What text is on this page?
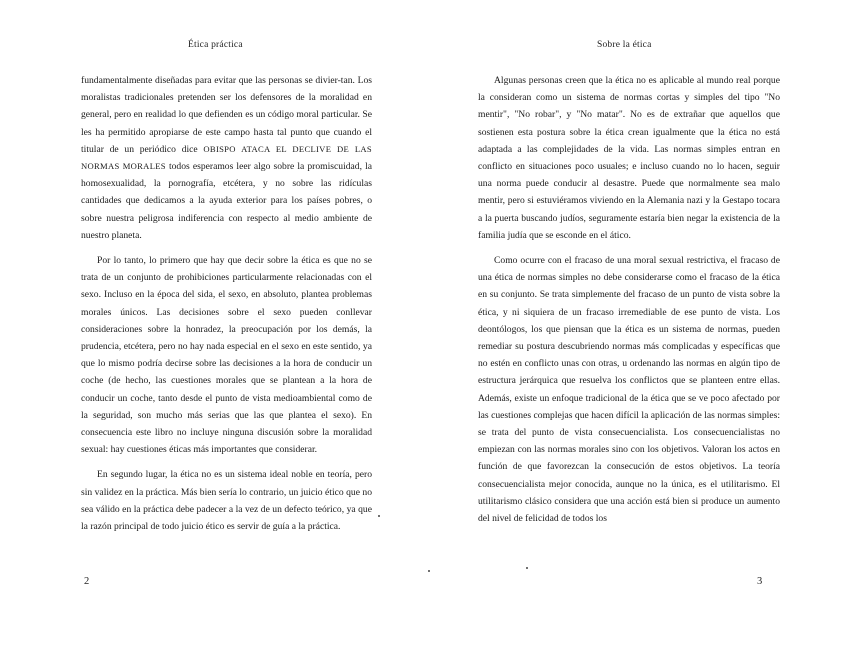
Ética práctica

fundamentalmente diseñadas para evitar que las personas se divier-tan. Los moralistas tradicionales pretenden ser los defensores de la moralidad en general, pero en realidad lo que defienden es un código moral particular. Se les ha permitido apropiarse de este campo hasta tal punto que cuando el titular de un periódico dice OBISPO ATACA EL DECLIVE DE LAS NORMAS MORALES todos esperamos leer algo sobre la promiscuidad, la homosexualidad, la pornografía, etcétera, y no sobre las ridículas cantidades que dedicamos a la ayuda exterior para los países pobres, o sobre nuestra peligrosa indiferencia con respecto al medio ambiente de nuestro planeta.

Por lo tanto, lo primero que hay que decir sobre la ética es que no se trata de un conjunto de prohibiciones particularmente relacionadas con el sexo. Incluso en la época del sida, el sexo, en absoluto, plantea problemas morales únicos. Las decisiones sobre el sexo pueden conllevar consideraciones sobre la honradez, la preocupación por los demás, la prudencia, etcétera, pero no hay nada especial en el sexo en este sentido, ya que lo mismo podría decirse sobre las decisiones a la hora de conducir un coche (de hecho, las cuestiones morales que se plantean a la hora de conducir un coche, tanto desde el punto de vista medioambiental como de la seguridad, son mucho más serias que las que plantea el sexo). En consecuencia este libro no incluye ninguna discusión sobre la moralidad sexual: hay cuestiones éticas más importantes que considerar.

En segundo lugar, la ética no es un sistema ideal noble en teoría, pero sin validez en la práctica. Más bien sería lo contrario, un juicio ético que no sea válido en la práctica debe padecer a la vez de un defecto teórico, ya que la razón principal de todo juicio ético es servir de guía a la práctica.

2
Sobre la ética

Algunas personas creen que la ética no es aplicable al mundo real porque la consideran como un sistema de normas cortas y simples del tipo "No mentir", "No robar", y "No matar". No es de extrañar que aquellos que sostienen esta postura sobre la ética crean igualmente que la ética no está adaptada a las complejidades de la vida. Las normas simples entran en conflicto en situaciones poco usuales; e incluso cuando no lo hacen, seguir una norma puede conducir al desastre. Puede que normalmente sea malo mentir, pero si estuviéramos viviendo en la Alemania nazi y la Gestapo tocara a la puerta buscando judíos, seguramente estaría bien negar la existencia de la familia judía que se esconde en el ático.

Como ocurre con el fracaso de una moral sexual restrictiva, el fracaso de una ética de normas simples no debe considerarse como el fracaso de la ética en su conjunto. Se trata simplemente del fracaso de un punto de vista sobre la ética, y ni siquiera de un fracaso irremediable de ese punto de vista. Los deontólogos, los que piensan que la ética es un sistema de normas, pueden remediar su postura descubriendo normas más complicadas y específicas que no estén en conflicto unas con otras, u ordenando las normas en algún tipo de estructura jerárquica que resuelva los conflictos que se planteen entre ellas. Además, existe un enfoque tradicional de la ética que se ve poco afectado por las cuestiones complejas que hacen difícil la aplicación de las normas simples: se trata del punto de vista consecuencialista. Los consecuencialistas no empiezan con las normas morales sino con los objetivos. Valoran los actos en función de que favorezcan la consecución de estos objetivos. La teoría consecuencialista mejor conocida, aunque no la única, es el utilitarismo. El utilitarismo clásico considera que una acción está bien si produce un aumento del nivel de felicidad de todos los

3
